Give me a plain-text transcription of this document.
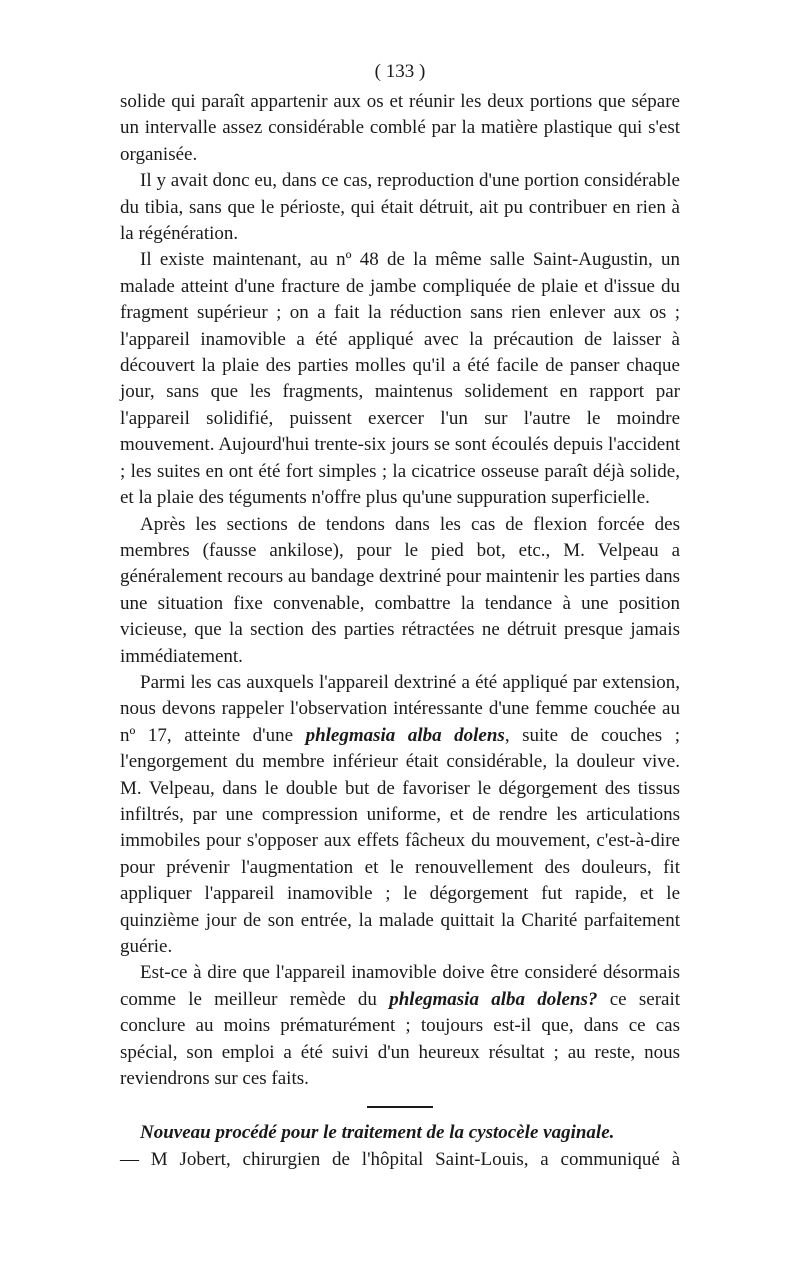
( 133 )

solide qui paraît appartenir aux os et réunir les deux portions que sépare un intervalle assez considérable comblé par la matière plastique qui s'est organisée.

Il y avait donc eu, dans ce cas, reproduction d'une portion considérable du tibia, sans que le périoste, qui était détruit, ait pu contribuer en rien à la régénération.

Il existe maintenant, au nº 48 de la même salle Saint-Augustin, un malade atteint d'une fracture de jambe compliquée de plaie et d'issue du fragment supérieur ; on a fait la réduction sans rien enlever aux os ; l'appareil inamovible a été appliqué avec la précaution de laisser à découvert la plaie des parties molles qu'il a été facile de panser chaque jour, sans que les fragments, maintenus solidement en rapport par l'appareil solidifié, puissent exercer l'un sur l'autre le moindre mouvement. Aujourd'hui trente-six jours se sont écoulés depuis l'accident ; les suites en ont été fort simples ; la cicatrice osseuse paraît déjà solide, et la plaie des téguments n'offre plus qu'une suppuration superficielle.

Après les sections de tendons dans les cas de flexion forcée des membres (fausse ankilose), pour le pied bot, etc., M. Velpeau a généralement recours au bandage dextriné pour maintenir les parties dans une situation fixe convenable, combattre la tendance à une position vicieuse, que la section des parties rétractées ne détruit presque jamais immédiatement.

Parmi les cas auxquels l'appareil dextriné a été appliqué par extension, nous devons rappeler l'observation intéressante d'une femme couchée au nº 17, atteinte d'une phlegmasia alba dolens, suite de couches ; l'engorgement du membre inférieur était considérable, la douleur vive. M. Velpeau, dans le double but de favoriser le dégorgement des tissus infiltrés, par une compression uniforme, et de rendre les articulations immobiles pour s'opposer aux effets fâcheux du mouvement, c'est-à-dire pour prévenir l'augmentation et le renouvellement des douleurs, fit appliquer l'appareil inamovible ; le dégorgement fut rapide, et le quinzième jour de son entrée, la malade quittait la Charité parfaitement guérie.

Est-ce à dire que l'appareil inamovible doive être consideré désormais comme le meilleur remède du phlegmasia alba dolens? ce serait conclure au moins prématurément ; toujours est-il que, dans ce cas spécial, son emploi a été suivi d'un heureux résultat ; au reste, nous reviendrons sur ces faits.

Nouveau procédé pour le traitement de la cystocèle vaginale.

— M Jobert, chirurgien de l'hôpital Saint-Louis, a communiqué à
